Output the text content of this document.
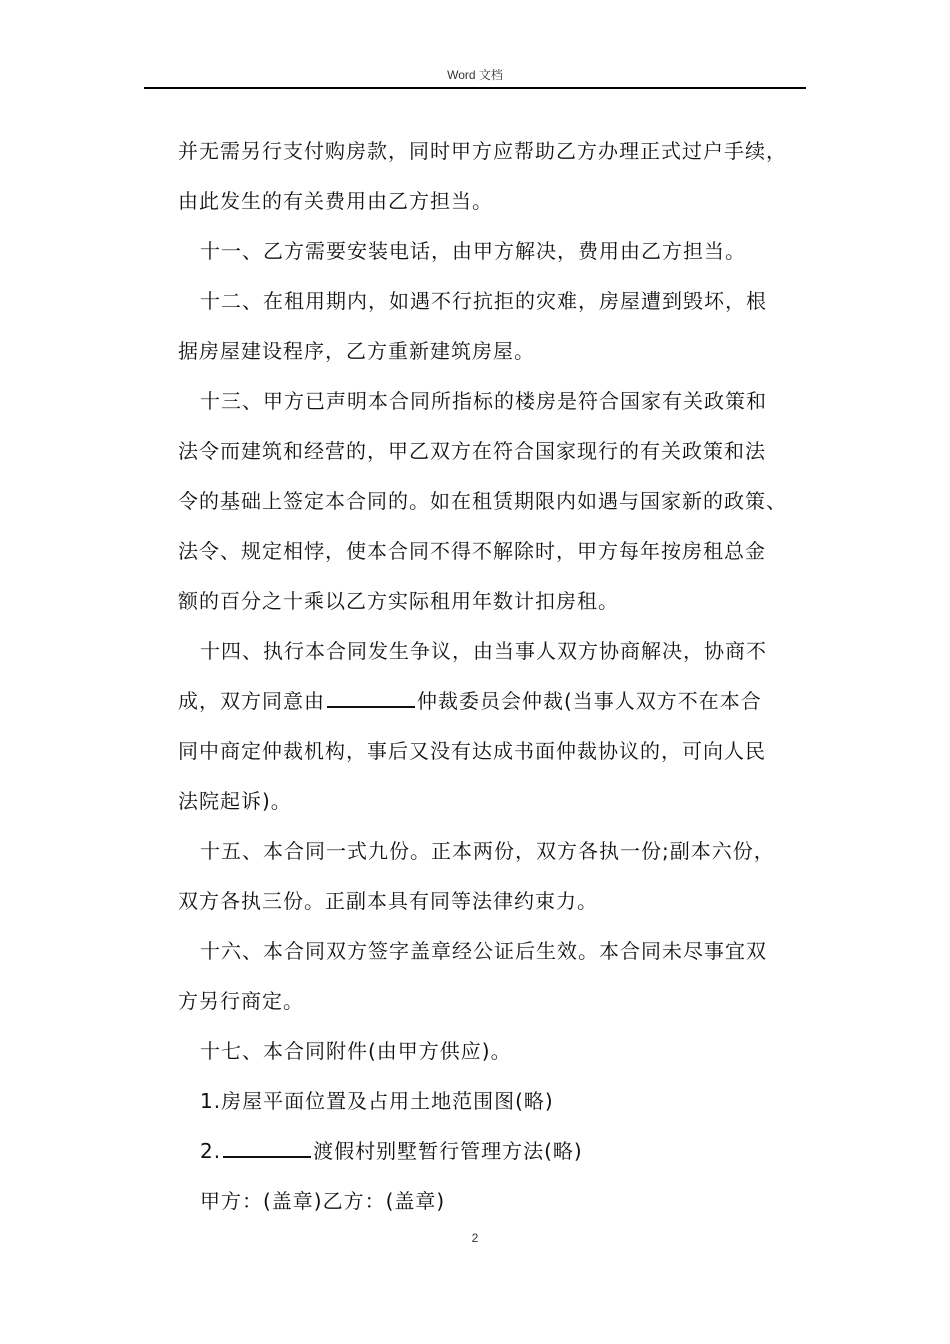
Word 文档

并无需另行支付购房款，同时甲方应帮助乙方办理正式过户手续，

由此发生的有关费用由乙方担当。

十一、乙方需要安装电话，由甲方解决，费用由乙方担当。

十二、在租用期内，如遇不行抗拒的灾难，房屋遭到毁坏，根

据房屋建设程序，乙方重新建筑房屋。

十三、甲方已声明本合同所指标的楼房是符合国家有关政策和

法令而建筑和经营的，甲乙双方在符合国家现行的有关政策和法

令的基础上签定本合同的。如在租赁期限内如遇与国家新的政策、

法令、规定相悖，使本合同不得不解除时，甲方每年按房租总金

额的百分之十乘以乙方实际租用年数计扣房租。

十四、执行本合同发生争议，由当事人双方协商解决，协商不

成，双方同意由	仲裁委员会仲裁(当事人双方不在本合

同中商定仲裁机构，事后又没有达成书面仲裁协议的，可向人民

法院起诉)。

十五、本合同一式九份。正本两份，双方各执一份;副本六份，

双方各执三份。正副本具有同等法律约束力。

十六、本合同双方签字盖章经公证后生效。本合同未尽事宜双

方另行商定。

十七、本合同附件(由甲方供应)。

1.房屋平面位置及占用土地范围图(略)

2.	渡假村别墅暂行管理方法(略)

甲方：(盖章)乙方：(盖章)

2
